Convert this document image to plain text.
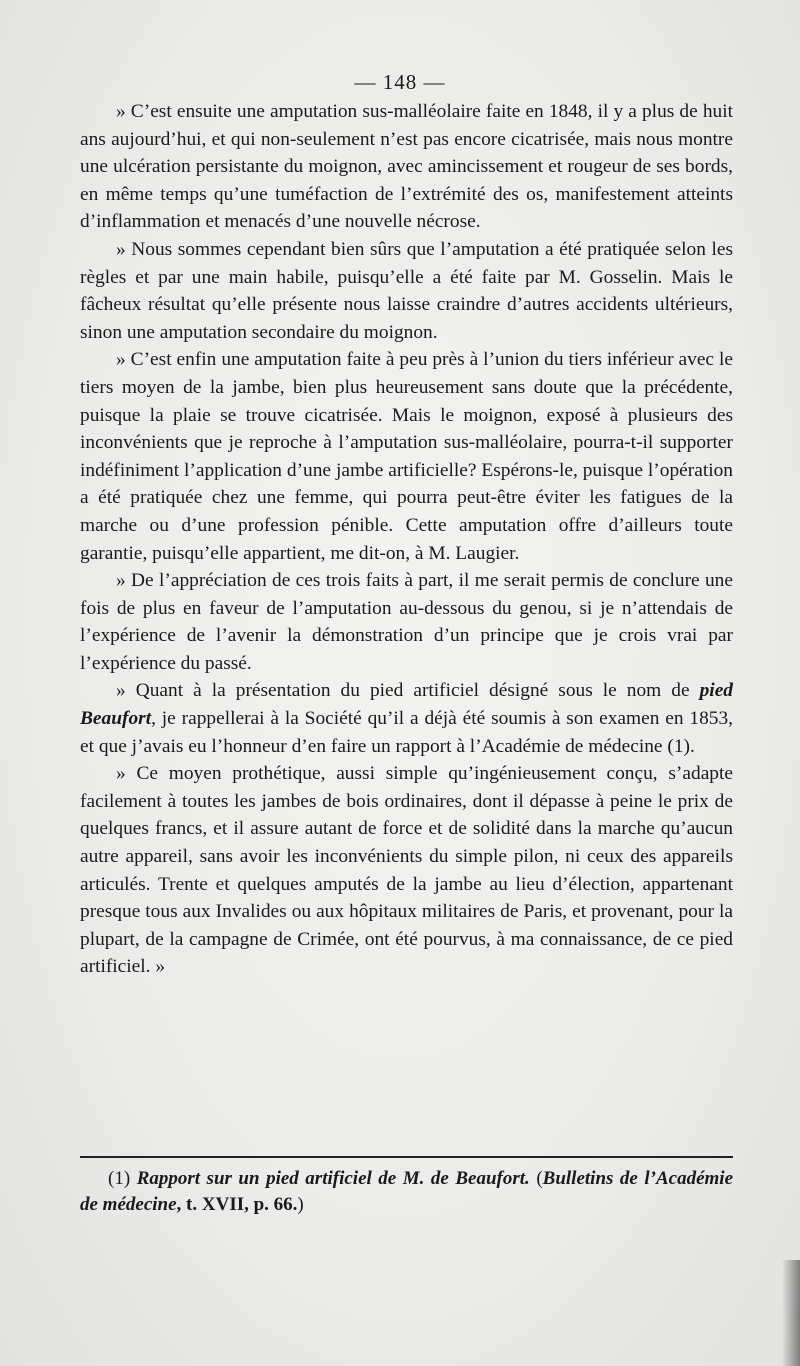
— 148 —

» C’est ensuite une amputation sus-malléolaire faite en 1848, il y a plus de huit ans aujourd’hui, et qui non-seulement n’est pas encore cicatrisée, mais nous montre une ulcération persistante du moignon, avec amincissement et rougeur de ses bords, en même temps qu’une tuméfaction de l’extrémité des os, manifestement atteints d’inflammation et menacés d’une nouvelle nécrose.

» Nous sommes cependant bien sûrs que l’amputation a été pratiquée selon les règles et par une main habile, puisqu’elle a été faite par M. Gosselin. Mais le fâcheux résultat qu’elle présente nous laisse craindre d’autres accidents ultérieurs, sinon une amputation secondaire du moignon.

» C’est enfin une amputation faite à peu près à l’union du tiers inférieur avec le tiers moyen de la jambe, bien plus heureusement sans doute que la précédente, puisque la plaie se trouve cicatrisée. Mais le moignon, exposé à plusieurs des inconvénients que je reproche à l’amputation sus-malléolaire, pourra-t-il supporter indéfiniment l’application d’une jambe artificielle? Espérons-le, puisque l’opération a été pratiquée chez une femme, qui pourra peut-être éviter les fatigues de la marche ou d’une profession pénible. Cette amputation offre d’ailleurs toute garantie, puisqu’elle appartient, me dit-on, à M. Laugier.

» De l’appréciation de ces trois faits à part, il me serait permis de conclure une fois de plus en faveur de l’amputation au-dessous du genou, si je n’attendais de l’expérience de l’avenir la démonstration d’un principe que je crois vrai par l’expérience du passé.

» Quant à la présentation du pied artificiel désigné sous le nom de pied Beaufort, je rappellerai à la Société qu’il a déjà été soumis à son examen en 1853, et que j’avais eu l’honneur d’en faire un rapport à l’Académie de médecine (1).

» Ce moyen prothétique, aussi simple qu’ingénieusement conçu, s’adapte facilement à toutes les jambes de bois ordinaires, dont il dépasse à peine le prix de quelques francs, et il assure autant de force et de solidité dans la marche qu’aucun autre appareil, sans avoir les inconvénients du simple pilon, ni ceux des appareils articulés. Trente et quelques amputés de la jambe au lieu d’élection, appartenant presque tous aux Invalides ou aux hôpitaux militaires de Paris, et provenant, pour la plupart, de la campagne de Crimée, ont été pourvus, à ma connaissance, de ce pied artificiel. »

(1) Rapport sur un pied artificiel de M. de Beaufort. (Bulletins de l’Académie de médecine, t. XVII, p. 66.)
